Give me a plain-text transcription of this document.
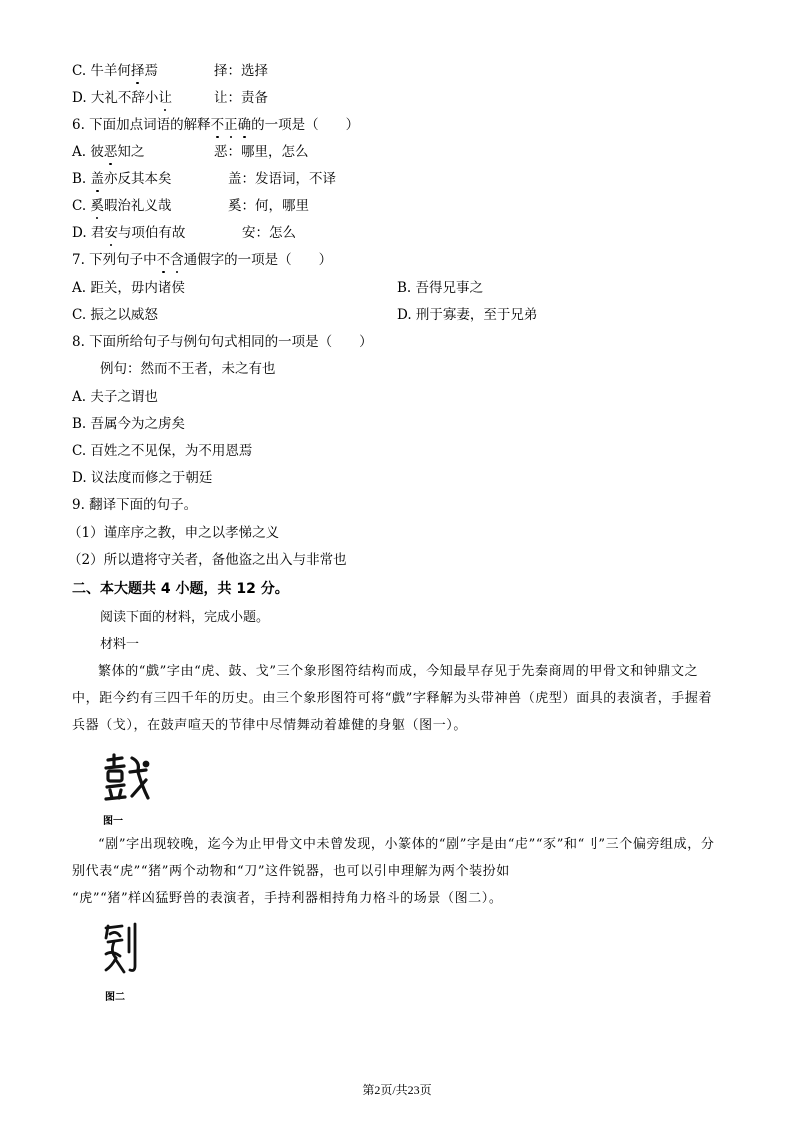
C. 牛羊何择焉	择：选择
D. 大礼不辞小让	让：责备
6. 下面加点词语的解释不正确的一项是（　　）
A. 彼恶知之	恶：哪里，怎么
B. 盖亦反其本矣	盖：发语词，不译
C. 奚暇治礼义哉	奚：何，哪里
D. 君安与项伯有故	安：怎么
7. 下列句子中不含通假字的一项是（　　）
A. 距关，毋内诸侯	B. 吾得兄事之
C. 振之以威怒	D. 刑于寡妻，至于兄弟
8. 下面所给句子与例句句式相同的一项是（　　）
例句：然而不王者，未之有也
A. 夫子之谓也
B. 吾属今为之虏矣
C. 百姓之不见保，为不用恩焉
D. 议法度而修之于朝廷
9. 翻译下面的句子。
（1）谨庠序之教，申之以孝悌之义
（2）所以遣将守关者，备他盗之出入与非常也
二、本大题共 4 小题，共 12 分。
阅读下面的材料，完成小题。
材料一
繁体的“戲”字由“虎、鼓、戈”三个象形图符结构而成，今知最早存见于先秦商周的甲骨文和钟鼎文之中，距今约有三四千年的历史。由三个象形图符可将“戲”字释解为头带神兽（虎型）面具的表演者，手握着兵器（戈），在鼓声喧天的节律中尽情舞动着雄健的身躯（图一）。
图一
“剧”字出现较晚，迄今为止甲骨文中未曾发现，小篆体的“剧”字是由“虍”“豕”和“刂”三个偏旁组成，分别代表“虎”“猪”两个动物和“刀”这件锐器，也可以引申理解为两个装扮如
“虎”“猪”样凶猛野兽的表演者，手持利器相持角力格斗的场景（图二）。
图二
第2页/共23页
